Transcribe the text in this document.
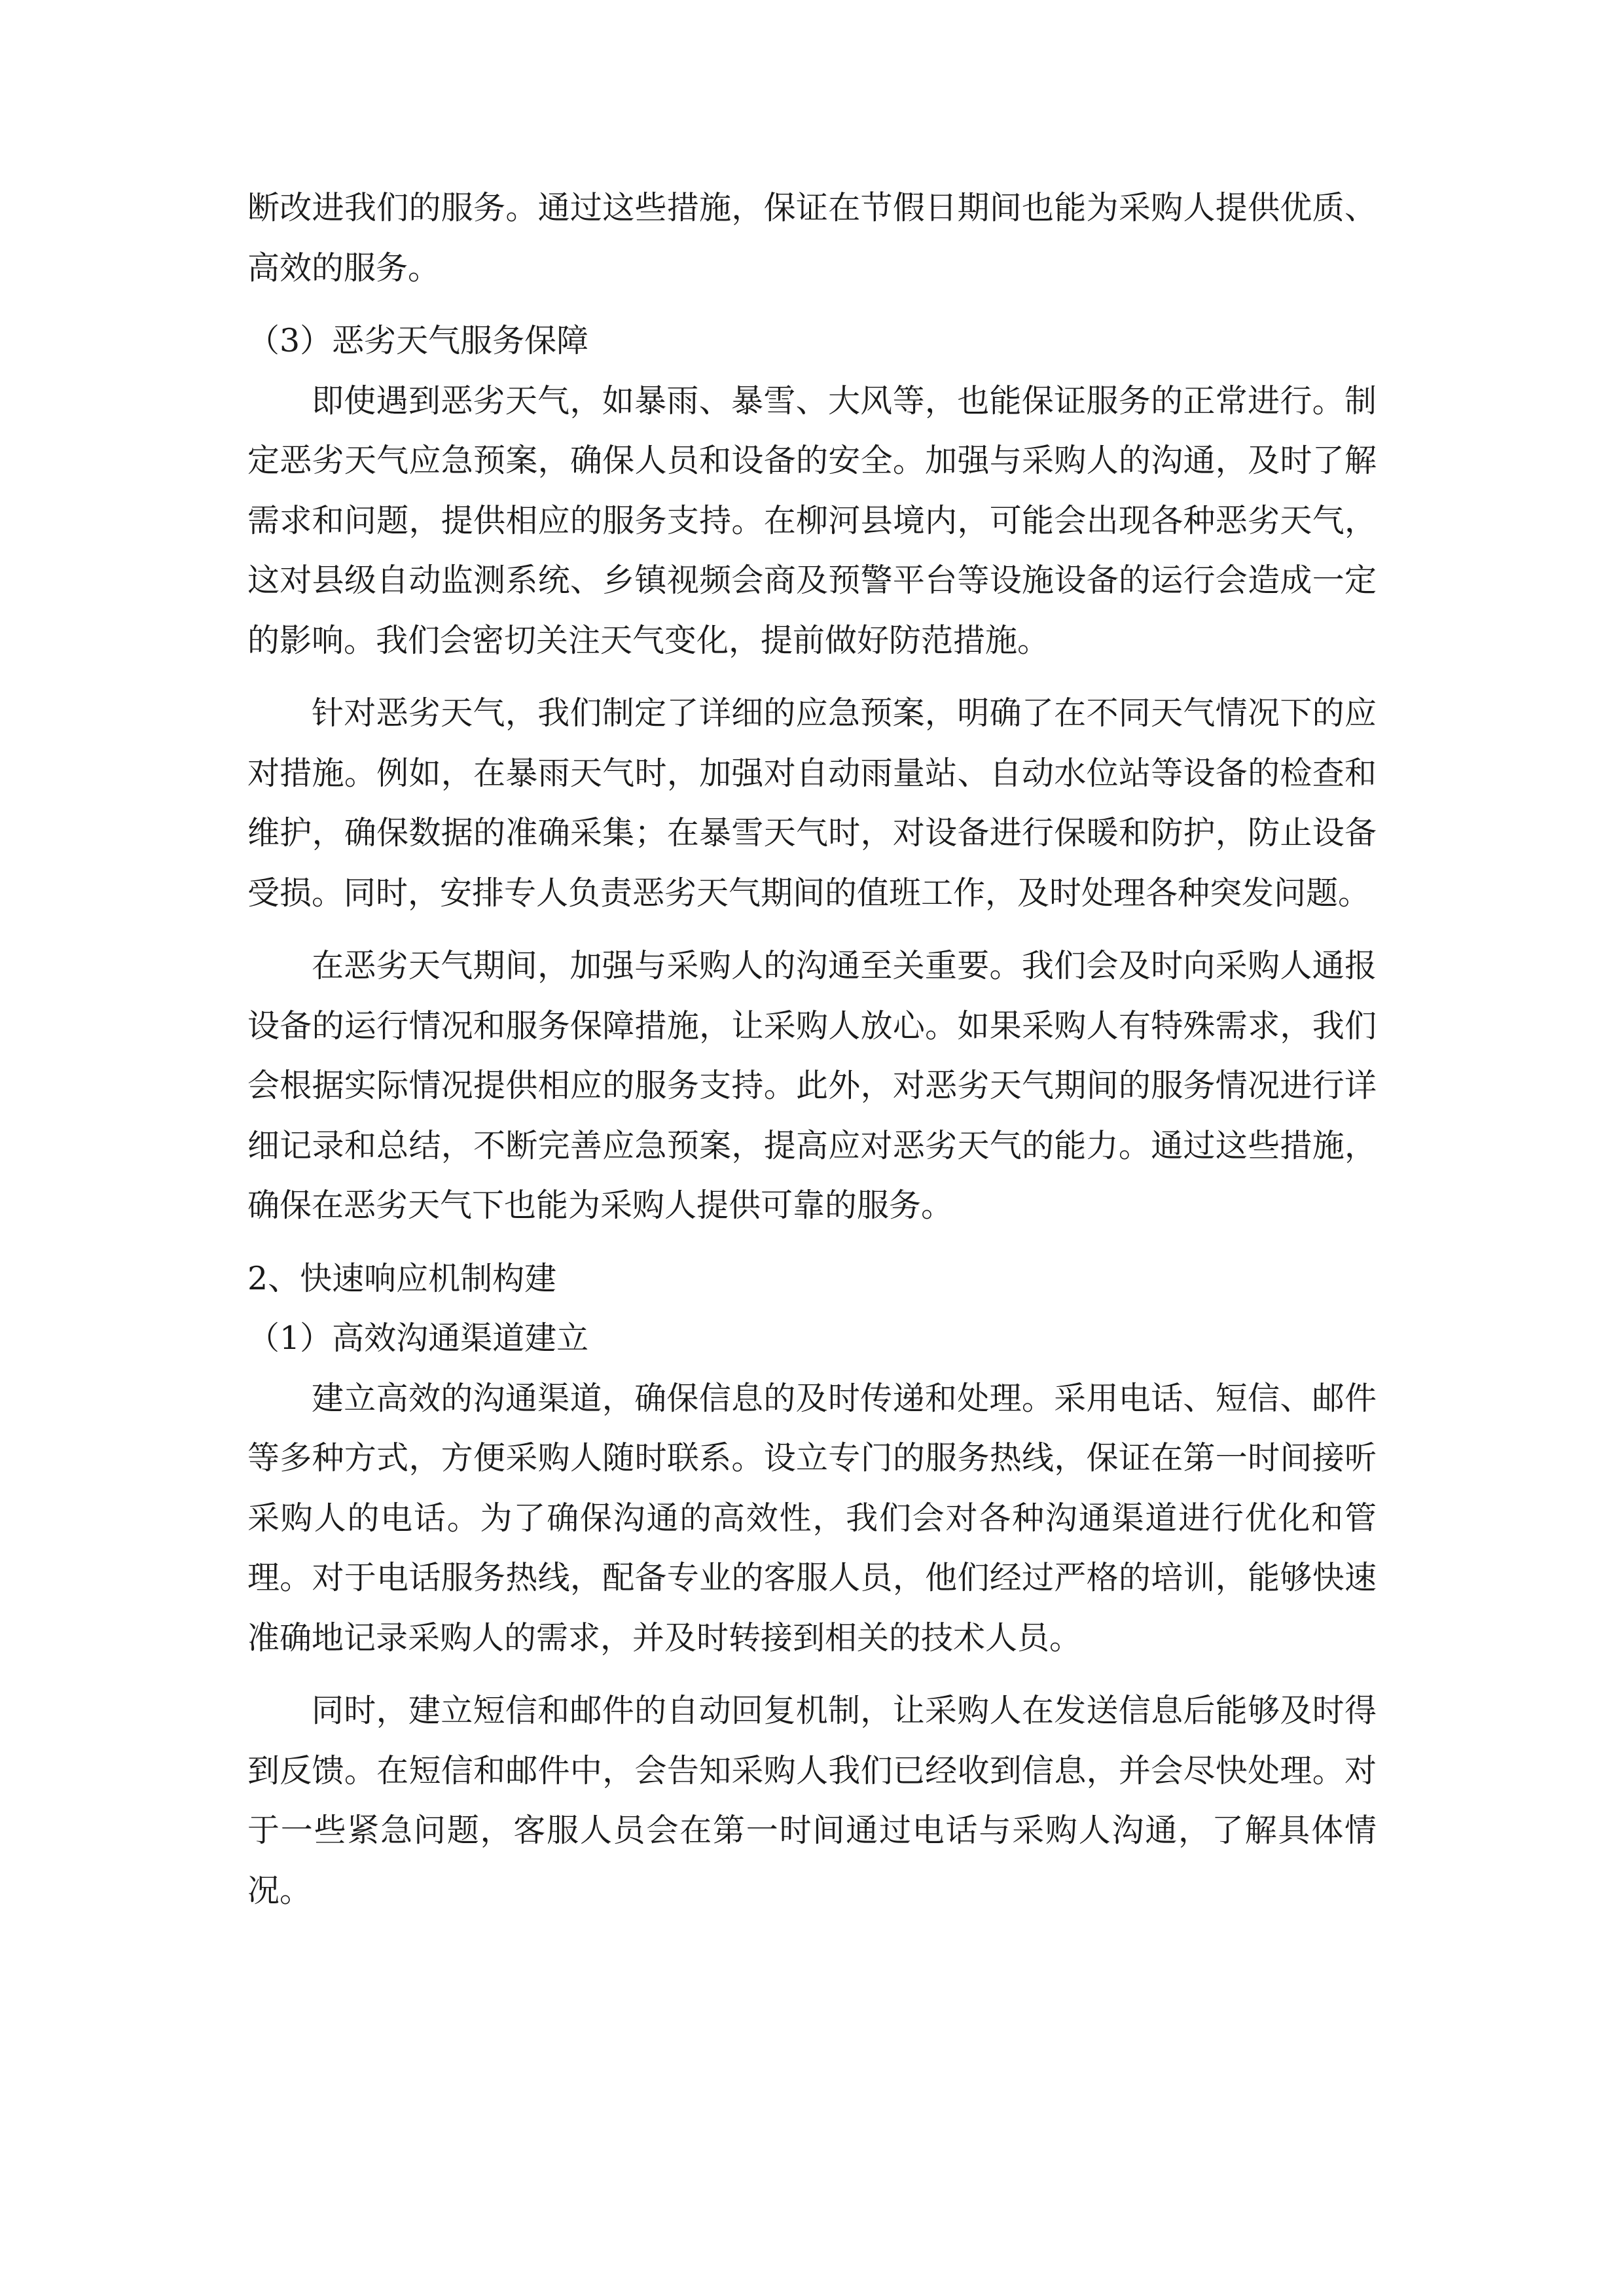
断改进我们的服务。通过这些措施，保证在节假日期间也能为采购人提供优质、高效的服务。

（3）恶劣天气服务保障

即使遇到恶劣天气，如暴雨、暴雪、大风等，也能保证服务的正常进行。制定恶劣天气应急预案，确保人员和设备的安全。加强与采购人的沟通，及时了解需求和问题，提供相应的服务支持。在柳河县境内，可能会出现各种恶劣天气，这对县级自动监测系统、乡镇视频会商及预警平台等设施设备的运行会造成一定的影响。我们会密切关注天气变化，提前做好防范措施。

针对恶劣天气，我们制定了详细的应急预案，明确了在不同天气情况下的应对措施。例如，在暴雨天气时，加强对自动雨量站、自动水位站等设备的检查和维护，确保数据的准确采集；在暴雪天气时，对设备进行保暖和防护，防止设备受损。同时，安排专人负责恶劣天气期间的值班工作，及时处理各种突发问题。

在恶劣天气期间，加强与采购人的沟通至关重要。我们会及时向采购人通报设备的运行情况和服务保障措施，让采购人放心。如果采购人有特殊需求，我们会根据实际情况提供相应的服务支持。此外，对恶劣天气期间的服务情况进行详细记录和总结，不断完善应急预案，提高应对恶劣天气的能力。通过这些措施，确保在恶劣天气下也能为采购人提供可靠的服务。

2、快速响应机制构建

（1）高效沟通渠道建立

建立高效的沟通渠道，确保信息的及时传递和处理。采用电话、短信、邮件等多种方式，方便采购人随时联系。设立专门的服务热线，保证在第一时间接听采购人的电话。为了确保沟通的高效性，我们会对各种沟通渠道进行优化和管理。对于电话服务热线，配备专业的客服人员，他们经过严格的培训，能够快速准确地记录采购人的需求，并及时转接到相关的技术人员。

同时，建立短信和邮件的自动回复机制，让采购人在发送信息后能够及时得到反馈。在短信和邮件中，会告知采购人我们已经收到信息，并会尽快处理。对于一些紧急问题，客服人员会在第一时间通过电话与采购人沟通，了解具体情况。
